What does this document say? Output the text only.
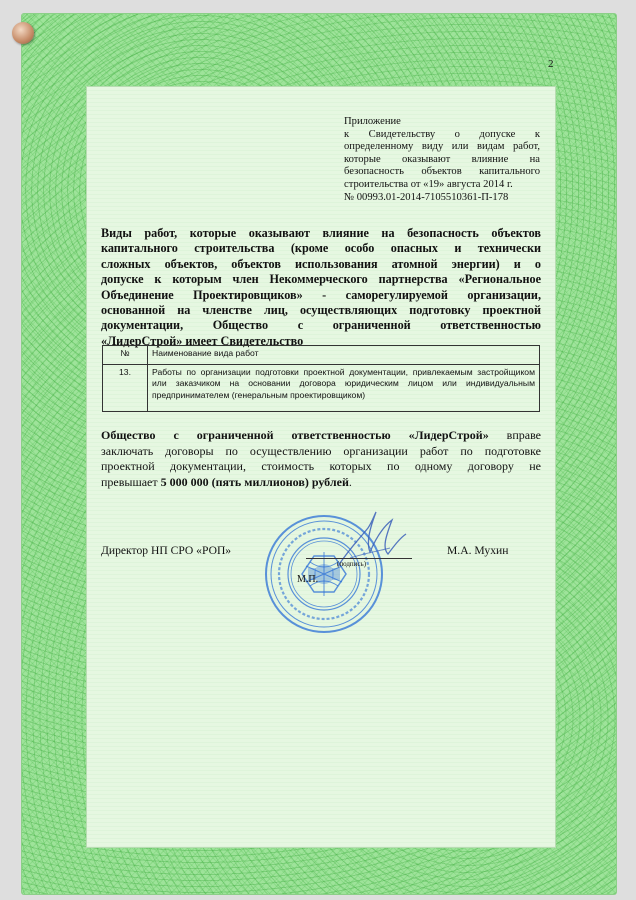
2
Приложение
к Свидетельству о допуске к
определенному виду или видам работ,
которые оказывают влияние на
безопасность объектов капитального
строительства от «19» августа 2014 г.
№ 00993.01-2014-7105510361-П-178
Виды работ, которые оказывают влияние на безопасность объектов
капитального строительства (кроме особо опасных и технически
сложных объектов, объектов использования атомной энергии) и о
допуске к которым член Некоммерческого партнерства «Региональное
Объединение Проектировщиков» - саморегулируемой организации,
основанной на членстве лиц, осуществляющих подготовку проектной
документации, Общество с ограниченной ответственностью
«ЛидерСтрой» имеет Свидетельство
№	Наименование вида работ
13.	Работы по организации подготовки проектной документации, привлекаемым застройщиком или заказчиком на основании договора юридическим лицом или индивидуальным предпринимателем (генеральным проектировщиком)
Общество с ограниченной ответственностью «ЛидерСтрой» вправе
заключать договоры по осуществлению организации работ по подготовке
проектной документации, стоимость которых по одному договору не
превышает 5 000 000 (пять миллионов) рублей.
Директор НП СРО «РОП»
(подпись)
М.П.
М.А. Мухин
